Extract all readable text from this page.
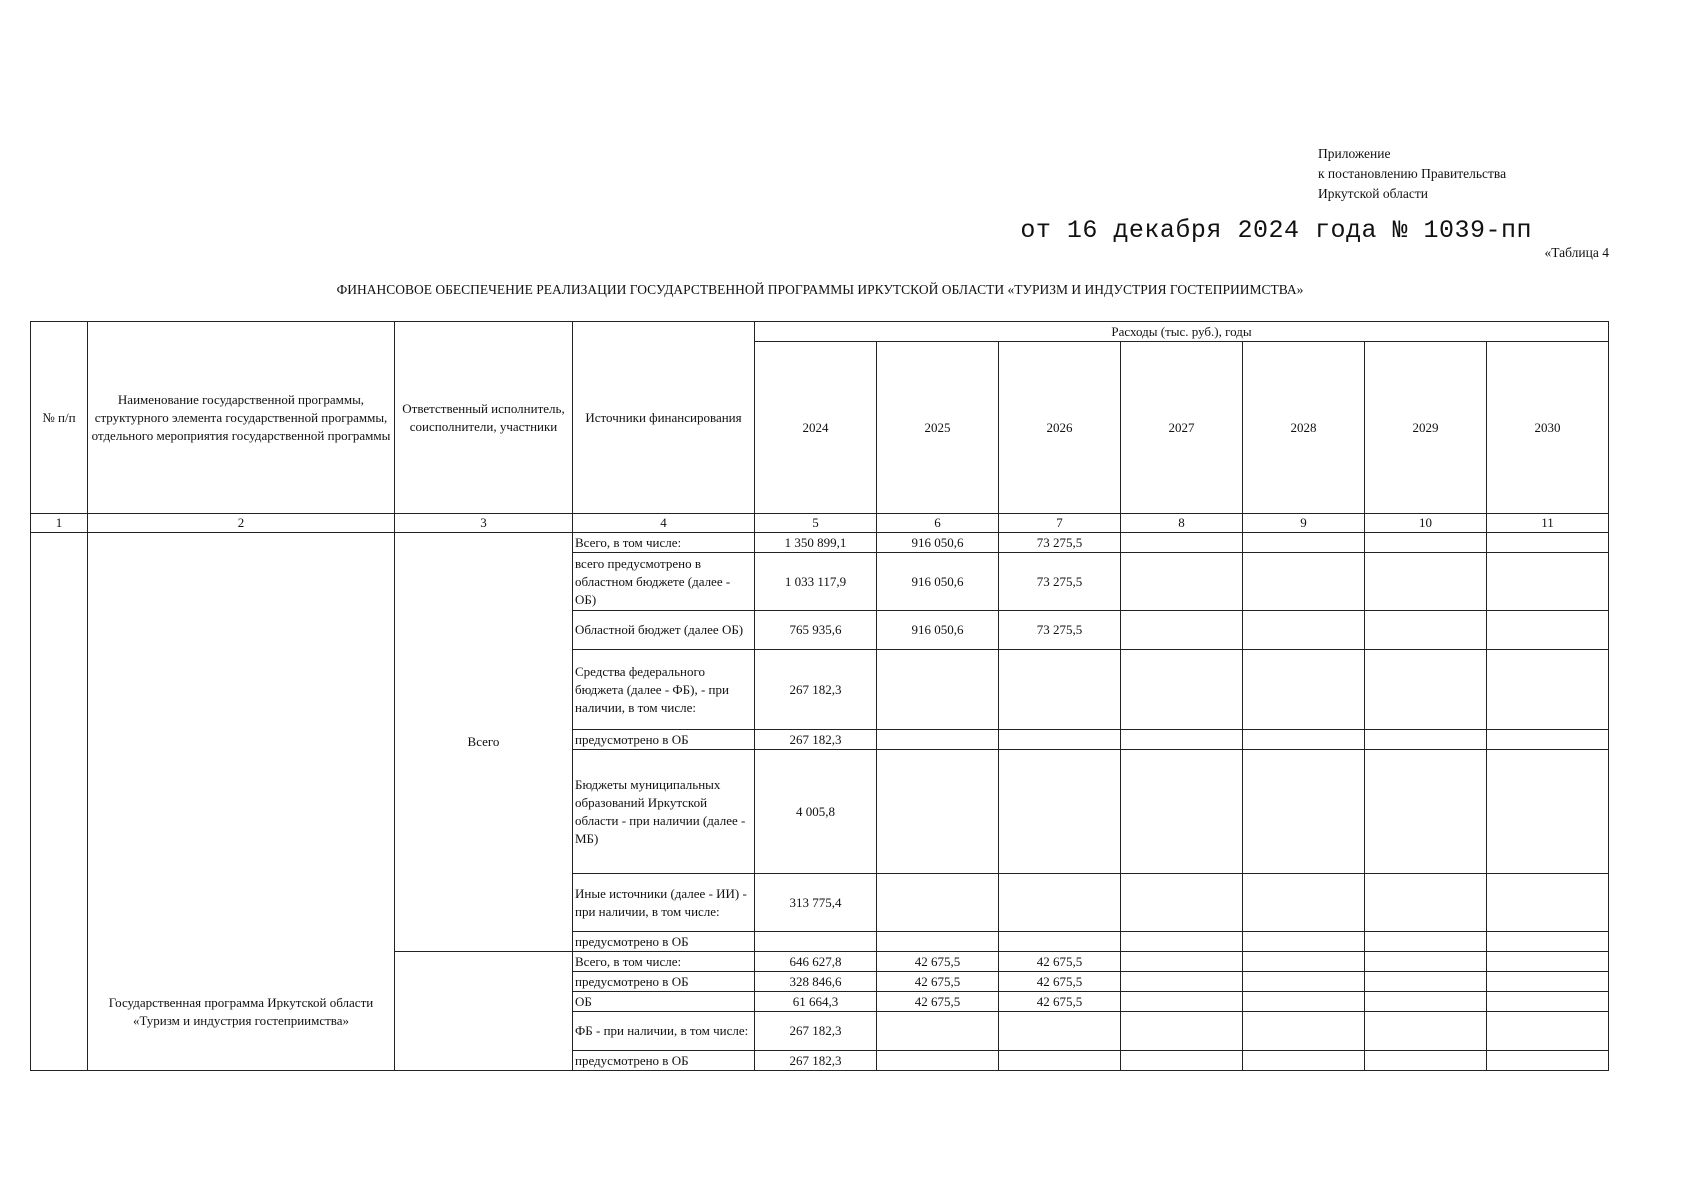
Приложение
к постановлению Правительства
Иркутской области
от 16 декабря 2024 года № 1039-пп
«Таблица 4
ФИНАНСОВОЕ ОБЕСПЕЧЕНИЕ РЕАЛИЗАЦИИ ГОСУДАРСТВЕННОЙ ПРОГРАММЫ ИРКУТСКОЙ ОБЛАСТИ «ТУРИЗМ И ИНДУСТРИЯ ГОСТЕПРИИМСТВА»
№ п/п	Наименование государственной программы, структурного элемента государственной программы, отдельного мероприятия государственной программы	Ответственный исполнитель, соисполнители, участники	Источники финансирования	Расходы (тыс. руб.), годы						
				2024	2025	2026	2027	2028	2029	2030
1	2	3	4	5	6	7	8	9	10	11
	Государственная программа Иркутской области «Туризм и индустрия гостеприимства»	Всего	Всего, в том числе:	1 350 899,1	916 050,6	73 275,5				
			всего предусмотрено в областном бюджете (далее - ОБ)	1 033 117,9	916 050,6	73 275,5				
			Областной бюджет (далее ОБ)	765 935,6	916 050,6	73 275,5				
			Средства федерального бюджета (далее - ФБ), - при наличии, в том числе:	267 182,3						
			предусмотрено в ОБ	267 182,3						
			Бюджеты муниципальных образований Иркутской области - при наличии (далее - МБ)	4 005,8						
			Иные источники (далее - ИИ) - при наличии, в том числе:	313 775,4						
			предусмотрено в ОБ							
			Всего, в том числе:	646 627,8	42 675,5	42 675,5				
			предусмотрено в ОБ	328 846,6	42 675,5	42 675,5				
			ОБ	61 664,3	42 675,5	42 675,5				
			ФБ - при наличии, в том числе:	267 182,3						
			предусмотрено в ОБ	267 182,3						
